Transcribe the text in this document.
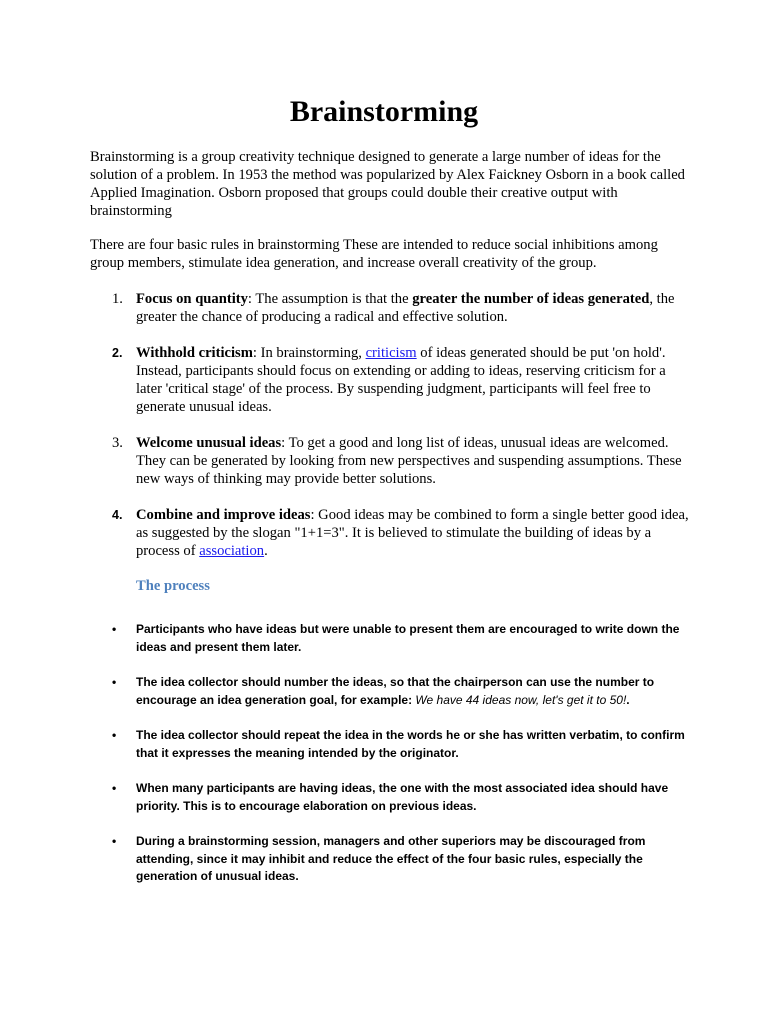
Brainstorming

Brainstorming is a group creativity technique designed to generate a large number of ideas for the solution of a problem. In 1953 the method was popularized by Alex Faickney Osborn in a book called Applied Imagination. Osborn proposed that groups could double their creative output with brainstorming

There are four basic rules in brainstorming These are intended to reduce social inhibitions among group members, stimulate idea generation, and increase overall creativity of the group.

1. Focus on quantity: The assumption is that the greater the number of ideas generated, the greater the chance of producing a radical and effective solution.
2. Withhold criticism: In brainstorming, criticism of ideas generated should be put 'on hold'. Instead, participants should focus on extending or adding to ideas, reserving criticism for a later 'critical stage' of the process. By suspending judgment, participants will feel free to generate unusual ideas.
3. Welcome unusual ideas: To get a good and long list of ideas, unusual ideas are welcomed. They can be generated by looking from new perspectives and suspending assumptions. These new ways of thinking may provide better solutions.
4. Combine and improve ideas: Good ideas may be combined to form a single better good idea, as suggested by the slogan "1+1=3". It is believed to stimulate the building of ideas by a process of association.
The process
• Participants who have ideas but were unable to present them are encouraged to write down the ideas and present them later.
• The idea collector should number the ideas, so that the chairperson can use the number to encourage an idea generation goal, for example: We have 44 ideas now, let's get it to 50!.
• The idea collector should repeat the idea in the words he or she has written verbatim, to confirm that it expresses the meaning intended by the originator.
• When many participants are having ideas, the one with the most associated idea should have priority. This is to encourage elaboration on previous ideas.
• During a brainstorming session, managers and other superiors may be discouraged from attending, since it may inhibit and reduce the effect of the four basic rules, especially the generation of unusual ideas.
